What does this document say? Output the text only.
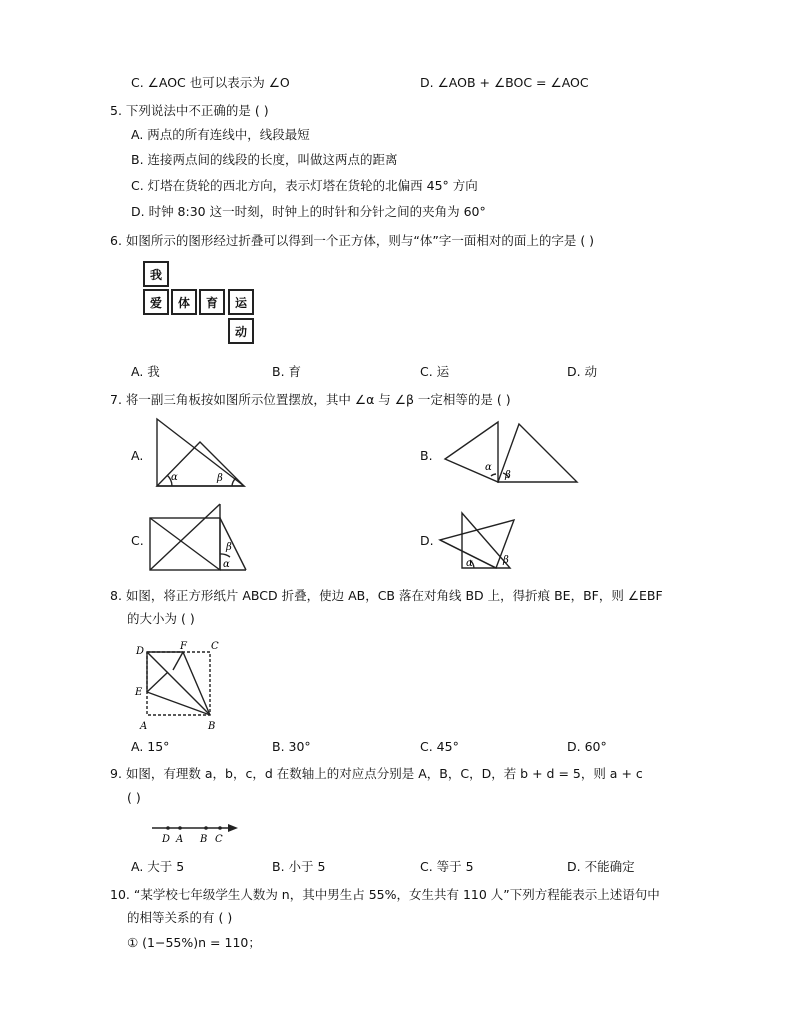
C. ∠AOC 也可以表示为 ∠O	D. ∠AOB + ∠BOC = ∠AOC
5. 下列说法中不正确的是 ( )
A. 两点的所有连线中，线段最短
B. 连接两点间的线段的长度，叫做这两点的距离
C. 灯塔在货轮的西北方向，表示灯塔在货轮的北偏西 45° 方向
D. 时钟 8:30 这一时刻，时钟上的时针和分针之间的夹角为 60°
6. 如图所示的图形经过折叠可以得到一个正方体，则与“体”字一面相对的面上的字是 ( )
我
爱	体	育	运
动
A. 我	B. 育	C. 运	D. 动
7. 将一副三角板按如图所示位置摆放，其中 ∠α 与 ∠β 一定相等的是 ( )
A.
α	β
B.
α
β
C.	β
α
D.
α	β
8. 如图，将正方形纸片 ABCD 折叠，使边 AB，CB 落在对角线 BD 上，得折痕 BE，BF，则 ∠EBF
的大小为 ( )
D	F C
E
A	B
A. 15°	B. 30°	C. 45°	D. 60°
9. 如图，有理数 a，b，c，d 在数轴上的对应点分别是 A，B，C，D，若 b + d = 5，则 a + c
( )
D A B C
A. 大于 5	B. 小于 5	C. 等于 5	D. 不能确定
10. “某学校七年级学生人数为 n，其中男生占 55%，女生共有 110 人”下列方程能表示上述语句中
的相等关系的有 ( )
① (1−55%)n = 110；
